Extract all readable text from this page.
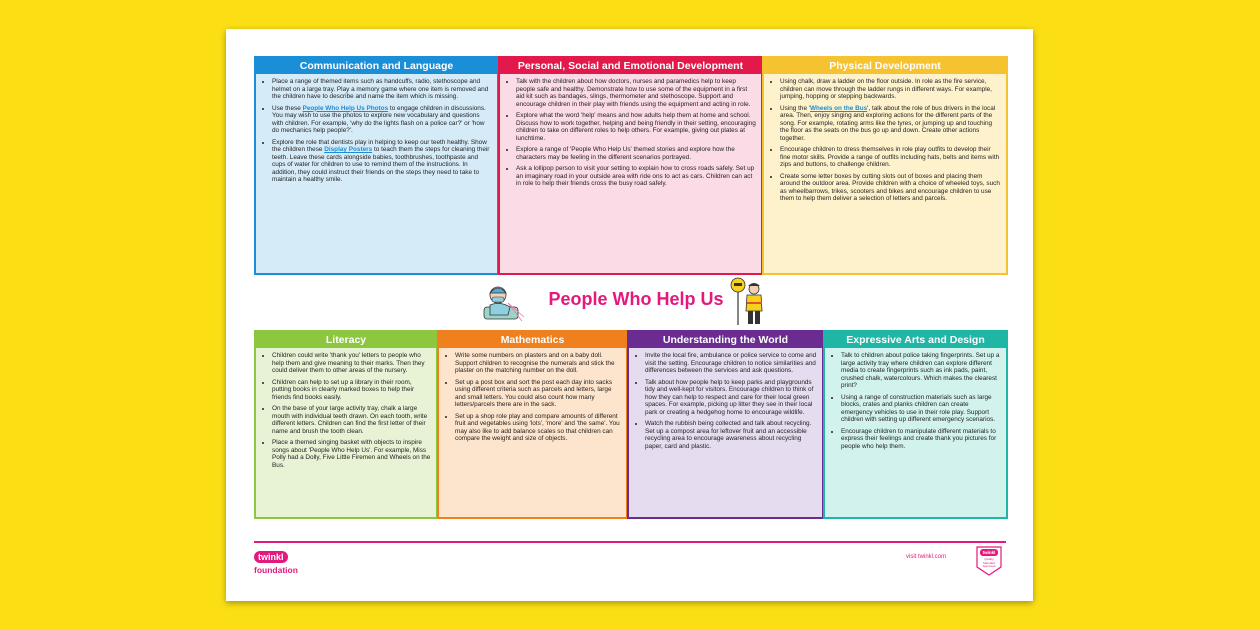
Communication and Language
• Place a range of themed items such as handcuffs, radio, stethoscope and helmet on a large tray. Play a memory game where one item is removed and the children have to describe and name the item which is missing.
• Use these People Who Help Us Photos to engage children in discussions. You may wish to use the photos to explore new vocabulary and questions with children. For example, 'why do the lights flash on a police car?' or 'how do mechanics help people?'.
• Explore the role that dentists play in helping to keep our teeth healthy. Show the children these Display Posters to teach them the steps for cleaning their teeth. Leave these cards alongside babies, toothbrushes, toothpaste and cups of water for children to use to remind them of the instructions. In addition, they could instruct their friends on the steps they need to take to maintain a healthy smile.
Personal, Social and Emotional Development
• Talk with the children about how doctors, nurses and paramedics help to keep people safe and healthy. Demonstrate how to use some of the equipment in a first aid kit such as bandages, slings, thermometer and stethoscope. Support and encourage children in their play with friends using the equipment and acting in role.
• Explore what the word 'help' means and how adults help them at home and school. Discuss how to work together, helping and being friendly in their setting, encouraging children to take on different roles to help others. For example, giving out plates at lunchtime.
• Explore a range of 'People Who Help Us' themed stories and explore how the characters may be feeling in the different scenarios portrayed.
• Ask a lollipop person to visit your setting to explain how to cross roads safely. Set up an imaginary road in your outside area with ride ons to act as cars. Children can act in role to help their friends cross the busy road safely.
Physical Development
• Using chalk, draw a ladder on the floor outside. In role as the fire service, children can move through the ladder rungs in different ways. For example, jumping, hopping or stepping backwards.
• Using the 'Wheels on the Bus', talk about the role of bus drivers in the local area. Then, enjoy singing and exploring actions for the different parts of the song. For example, rotating arms like the tyres, or jumping up and touching the floor as the seats on the bus go up and down. Create other actions together.
• Encourage children to dress themselves in role play outfits to develop their fine motor skills. Provide a range of outfits including hats, belts and items with zips and buttons, to challenge children.
• Create some letter boxes by cutting slots out of boxes and placing them around the outdoor area. Provide children with a choice of wheeled toys, such as wheelbarrows, trikes, scooters and bikes and encourage children to use them to help them deliver a selection of letters and parcels.
People Who Help Us
Literacy
• Children could write 'thank you' letters to people who help them and give meaning to their marks. Then they could deliver them to other areas of the nursery.
• Children can help to set up a library in their room, putting books in clearly marked boxes to help their friends find books easily.
• On the base of your large activity tray, chalk a large mouth with individual teeth drawn. On each tooth, write different letters. Children can find the first letter of their name and brush the tooth clean.
• Place a themed singing basket with objects to inspire songs about 'People Who Help Us'. For example, Miss Polly had a Dolly, Five Little Firemen and Wheels on the Bus.
Mathematics
• Write some numbers on plasters and on a baby doll. Support children to recognise the numerals and stick the plaster on the matching number on the doll.
• Set up a post box and sort the post each day into sacks using different criteria such as parcels and letters, large and small letters. You could also count how many letters/parcels there are in the sack.
• Set up a shop role play and compare amounts of different fruit and vegetables using 'lots', 'more' and 'the same'. You may also like to add balance scales so that children can compare the weight and size of objects.
Understanding the World
• Invite the local fire, ambulance or police service to come and visit the setting. Encourage children to notice similarities and differences between the services and ask questions.
• Talk about how people help to keep parks and playgrounds tidy and well-kept for visitors. Encourage children to think of how they can help to respect and care for their local green spaces. For example, picking up litter they see in their local park or creating a hedgehog home to encourage wildlife.
• Watch the rubbish being collected and talk about recycling. Set up a compost area for leftover fruit and an accessible recycling area to encourage awareness about recycling paper, card and plastic.
Expressive Arts and Design
• Talk to children about police taking fingerprints. Set up a large activity tray where children can explore different media to create fingerprints such as ink pads, paint, crushed chalk, watercolours. Which makes the clearest print?
• Using a range of construction materials such as large blocks, crates and planks children can create emergency vehicles to use in their role play. Support children with setting up different emergency scenarios.
• Encourage children to manipulate different materials to express their feelings and create thank you pictures for people who help them.
twinkl
foundation
visit twinkl.com
twinkl
Quality Standard Approved
